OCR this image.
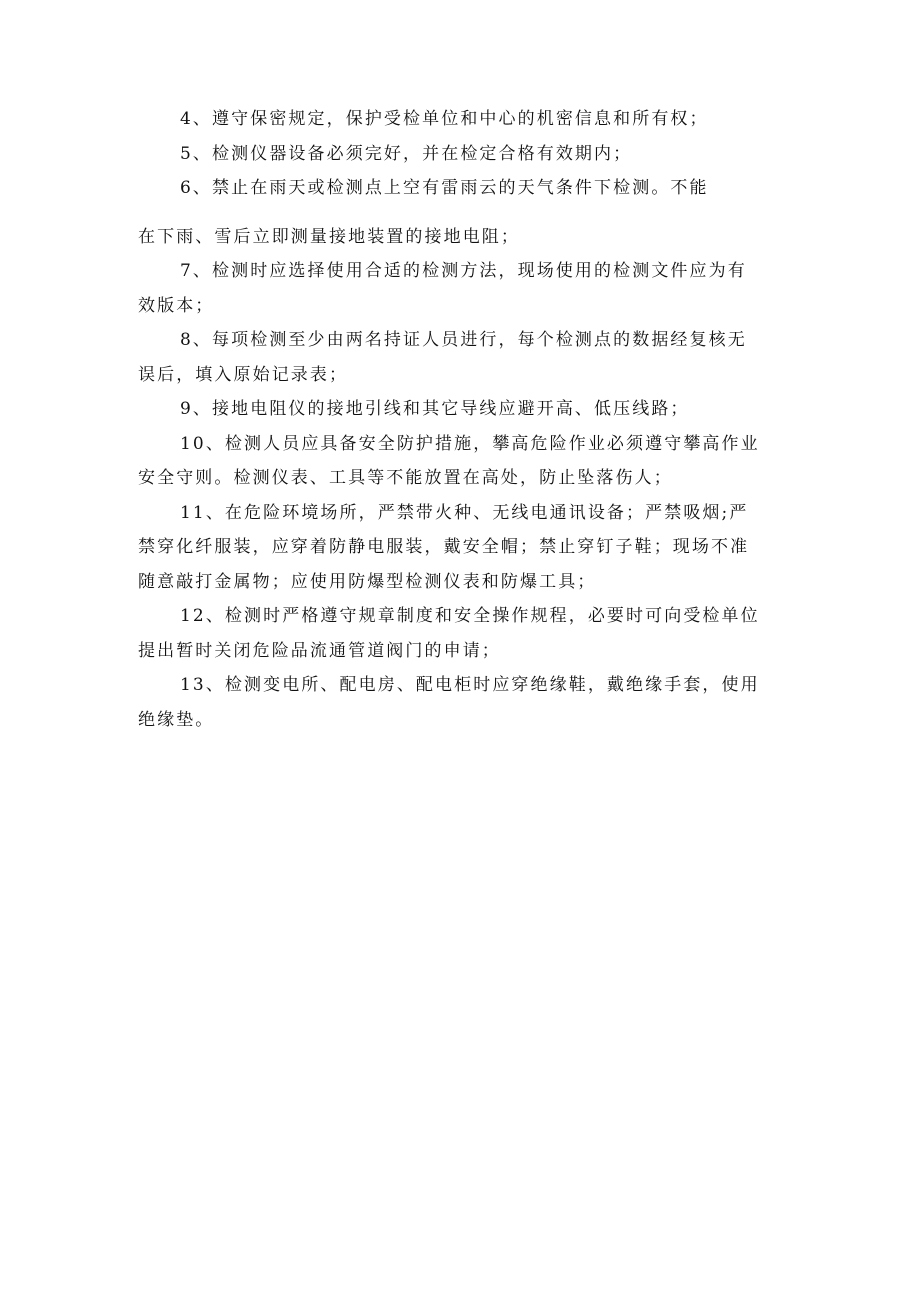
4、遵守保密规定，保护受检单位和中心的机密信息和所有权；

5、检测仪器设备必须完好，并在检定合格有效期内；

6、禁止在雨天或检测点上空有雷雨云的天气条件下检测。不能
在下雨、雪后立即测量接地装置的接地电阻；

7、检测时应选择使用合适的检测方法，现场使用的检测文件应为有
效版本；

8、每项检测至少由两名持证人员进行，每个检测点的数据经复核无
误后，填入原始记录表；

9、接地电阻仪的接地引线和其它导线应避开高、低压线路；

10、检测人员应具备安全防护措施，攀高危险作业必须遵守攀高作业
安全守则。检测仪表、工具等不能放置在高处，防止坠落伤人；

11、在危险环境场所，严禁带火种、无线电通讯设备；严禁吸烟;严
禁穿化纤服装，应穿着防静电服装，戴安全帽；禁止穿钉子鞋；现场不准
随意敲打金属物；应使用防爆型检测仪表和防爆工具；

12、检测时严格遵守规章制度和安全操作规程，必要时可向受检单位
提出暂时关闭危险品流通管道阀门的申请；

13、检测变电所、配电房、配电柜时应穿绝缘鞋，戴绝缘手套，使用
绝缘垫。
